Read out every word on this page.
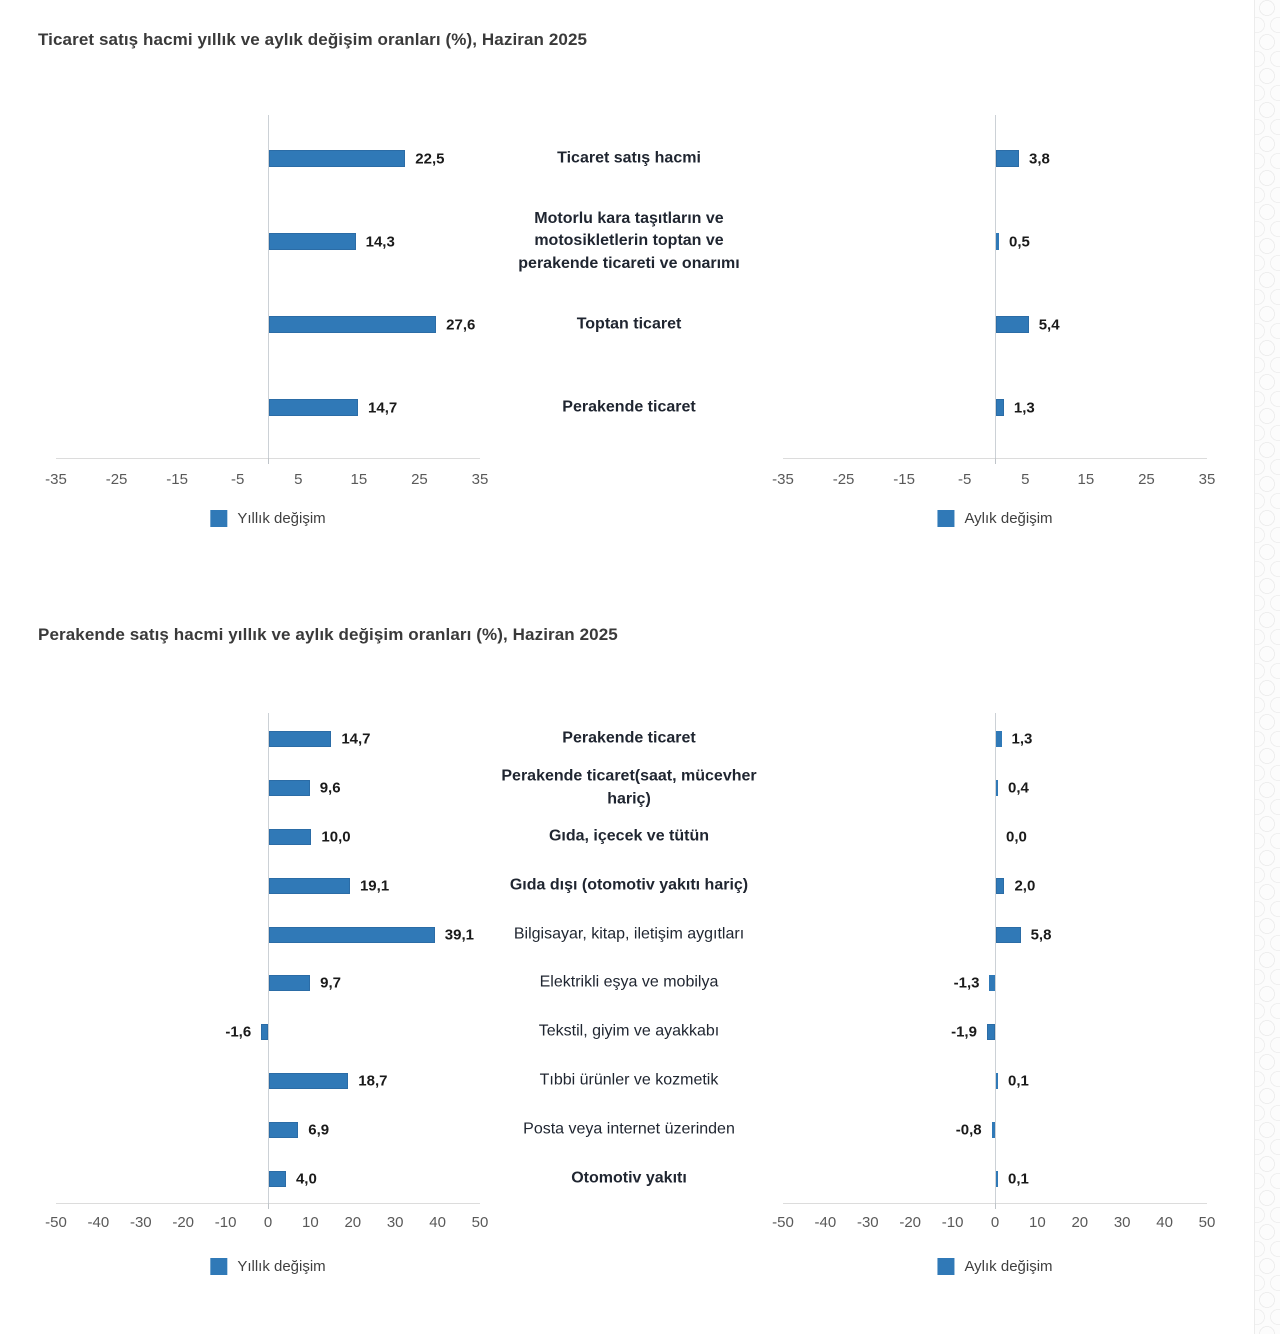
Ticaret satış hacmi yıllık ve aylık değişim oranları (%), Haziran 2025
Perakende satış hacmi yıllık ve aylık değişim oranları (%), Haziran 2025
Ticaret satış hacmi
Motorlu kara taşıtların ve motosikletlerin toptan ve perakende ticareti ve onarımı
Toptan ticaret
Perakende ticaret
22,5
14,3
27,6
14,7
-35	-25	-15	-5	5	15	25	35
Yıllık değişim
3,8
0,5
5,4
1,3
-35	-25	-15	-5	5	15	25	35
Aylık değişim
Perakende ticaret
Perakende ticaret(saat, mücevher hariç)
Gıda, içecek ve tütün
Gıda dışı (otomotiv yakıtı hariç)
Bilgisayar, kitap, iletişim aygıtları
Elektrikli eşya ve mobilya
Tekstil, giyim ve ayakkabı
Tıbbi ürünler ve kozmetik
Posta veya internet üzerinden
Otomotiv yakıtı
14,7
9,6
10,0
19,1
39,1
9,7
-1,6
18,7
6,9
4,0
-50 -40 -30 -20 -10 0 10 20 30 40 50
Yıllık değişim
1,3
0,4
0,0
2,0
5,8
-1,3
-1,9
0,1
-0,8
0,1
-50 -40 -30 -20 -10 0 10 20 30 40 50
Aylık değişim
